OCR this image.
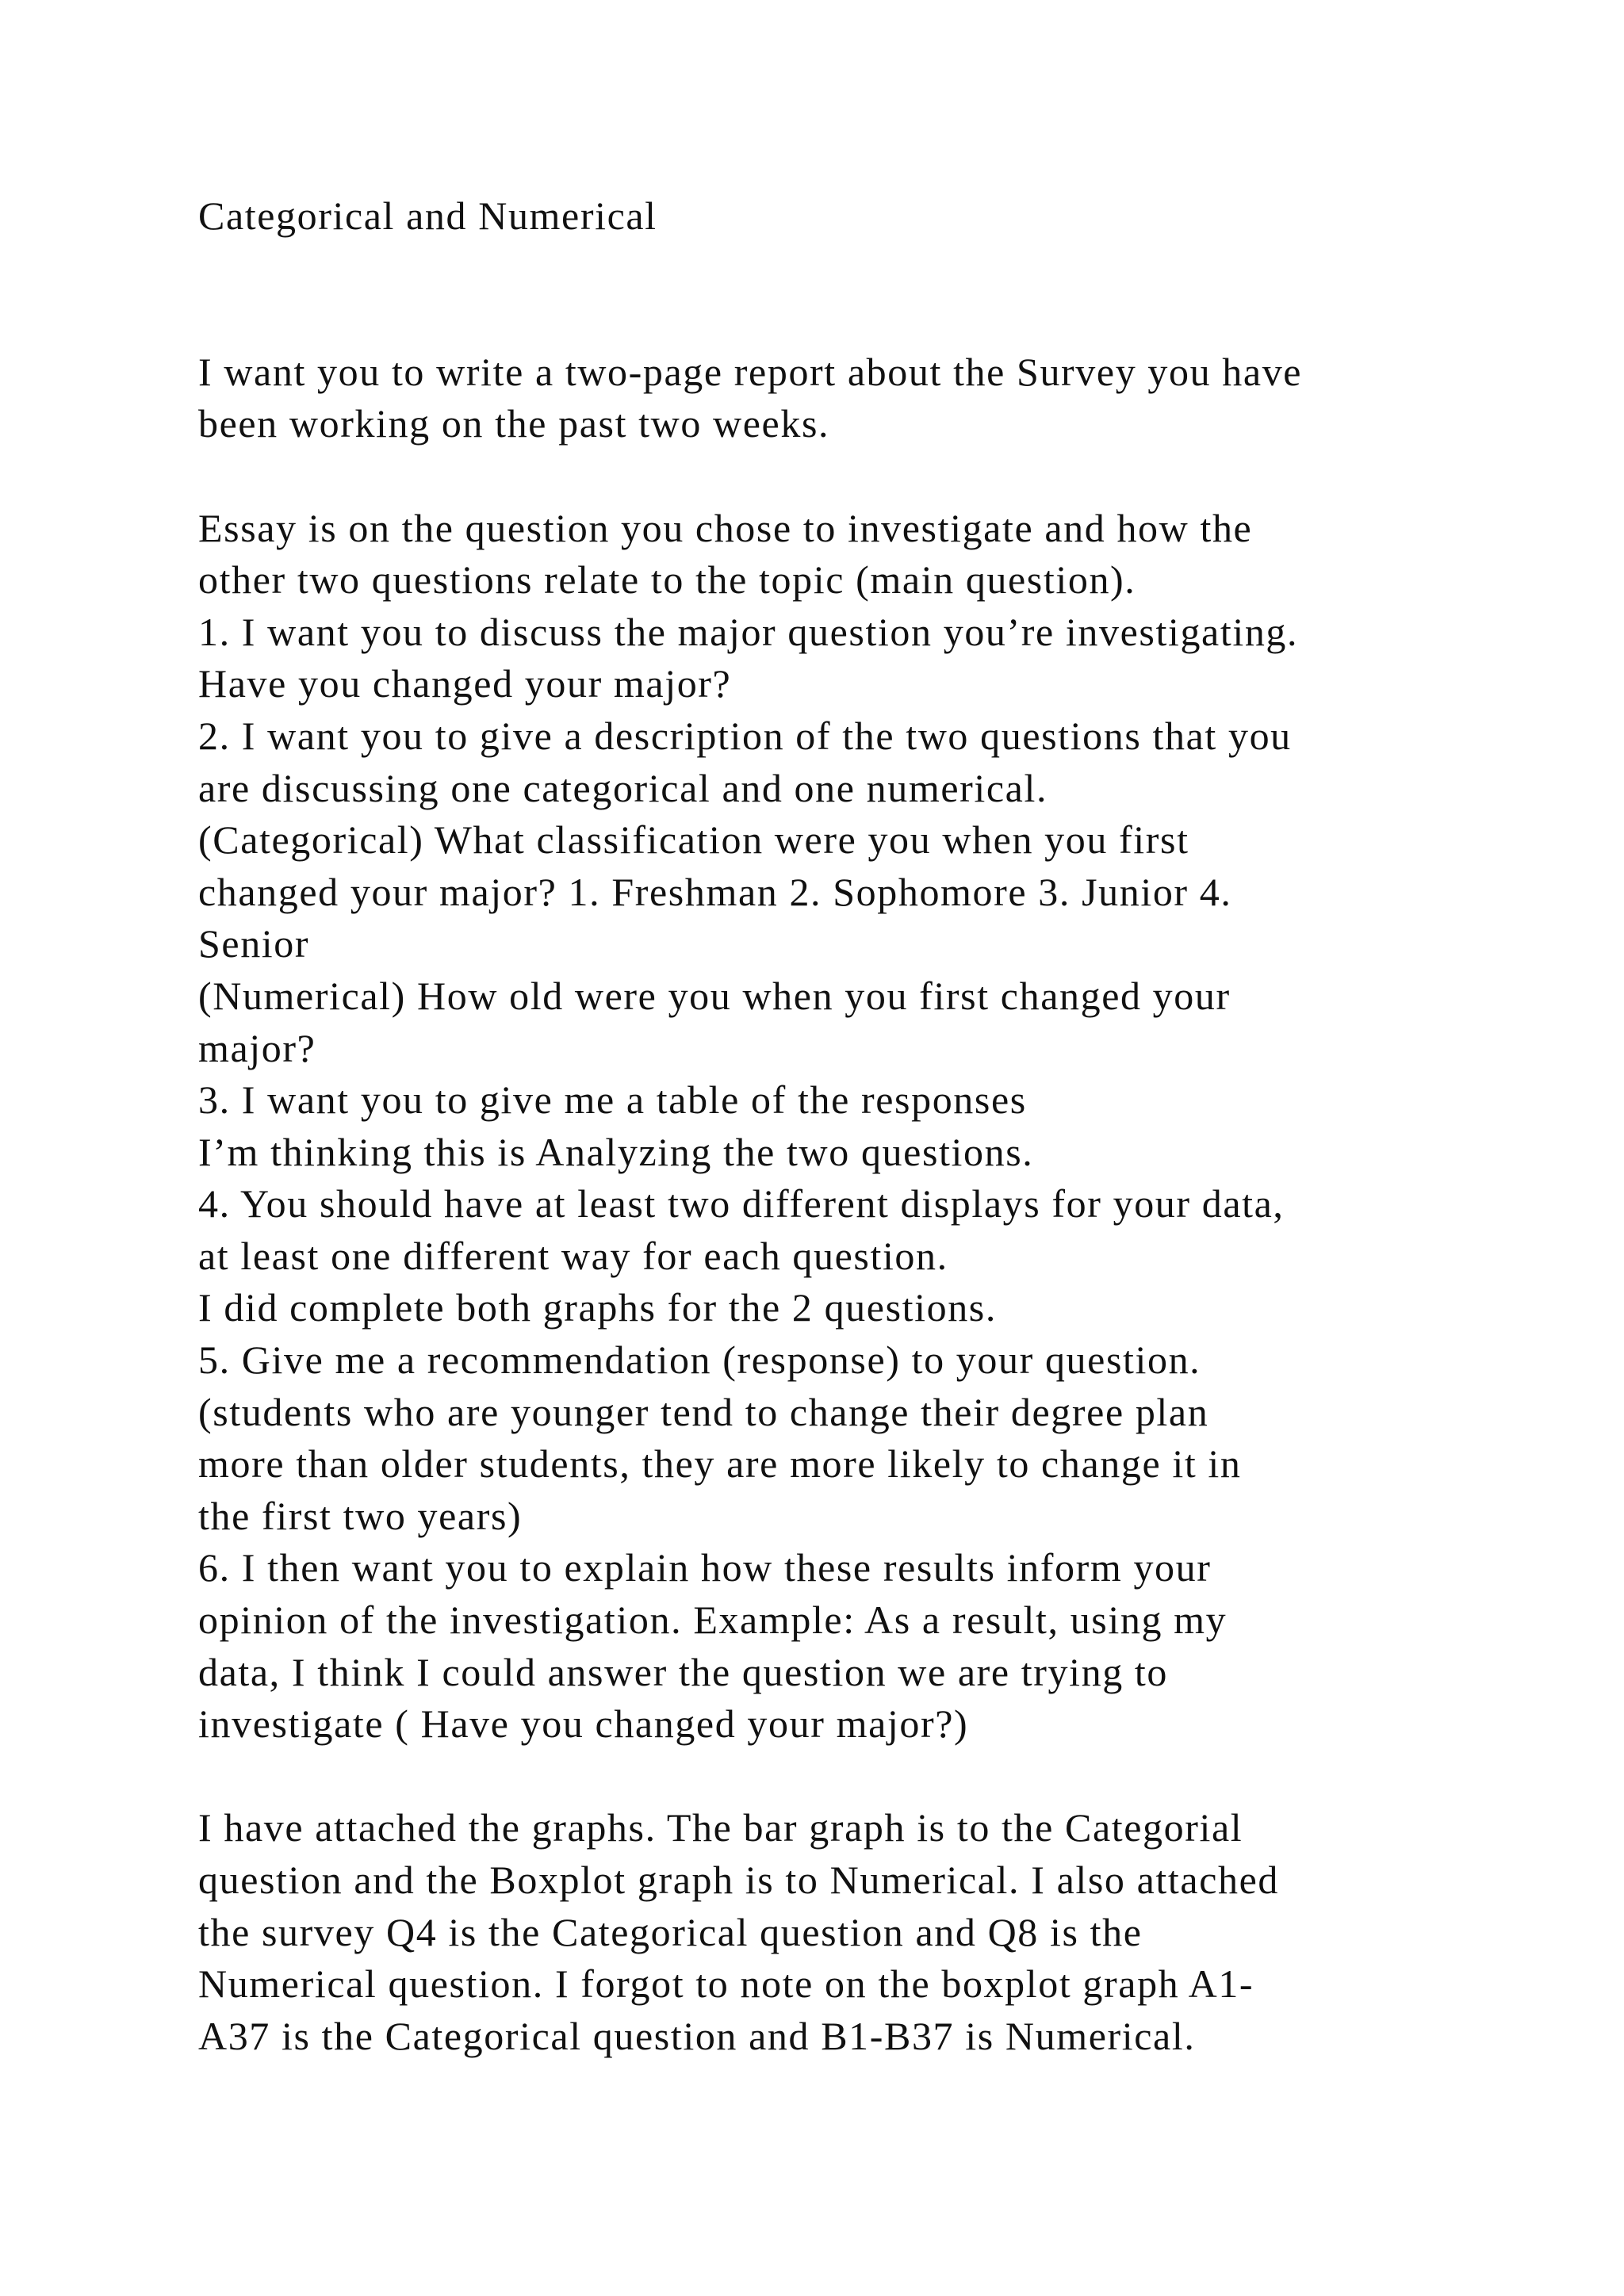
Categorical and Numerical
I want you to write a two-page report about the Survey you have
been working on the past two weeks.
Essay is on the question you chose to investigate and how the
other two questions relate to the topic (main question).
1. I want you to discuss the major question you’re investigating.
Have you changed your major?
2. I want you to give a description of the two questions that you
are discussing one categorical and one numerical.
(Categorical) What classification were you when you first
changed your major? 1. Freshman 2. Sophomore 3. Junior 4.
Senior
(Numerical) How old were you when you first changed your
major?
3. I want you to give me a table of the responses
I’m thinking this is Analyzing the two questions.
4. You should have at least two different displays for your data,
at least one different way for each question.
I did complete both graphs for the 2 questions.
5. Give me a recommendation (response) to your question.
(students who are younger tend to change their degree plan
more than older students, they are more likely to change it in
the first two years)
6. I then want you to explain how these results inform your
opinion of the investigation. Example: As a result, using my
data, I think I could answer the question we are trying to
investigate ( Have you changed your major?)
I have attached the graphs. The bar graph is to the Categorial
question and the Boxplot graph is to Numerical. I also attached
the survey Q4 is the Categorical question and Q8 is the
Numerical question. I forgot to note on the boxplot graph A1-
A37 is the Categorical question and B1-B37 is Numerical.
